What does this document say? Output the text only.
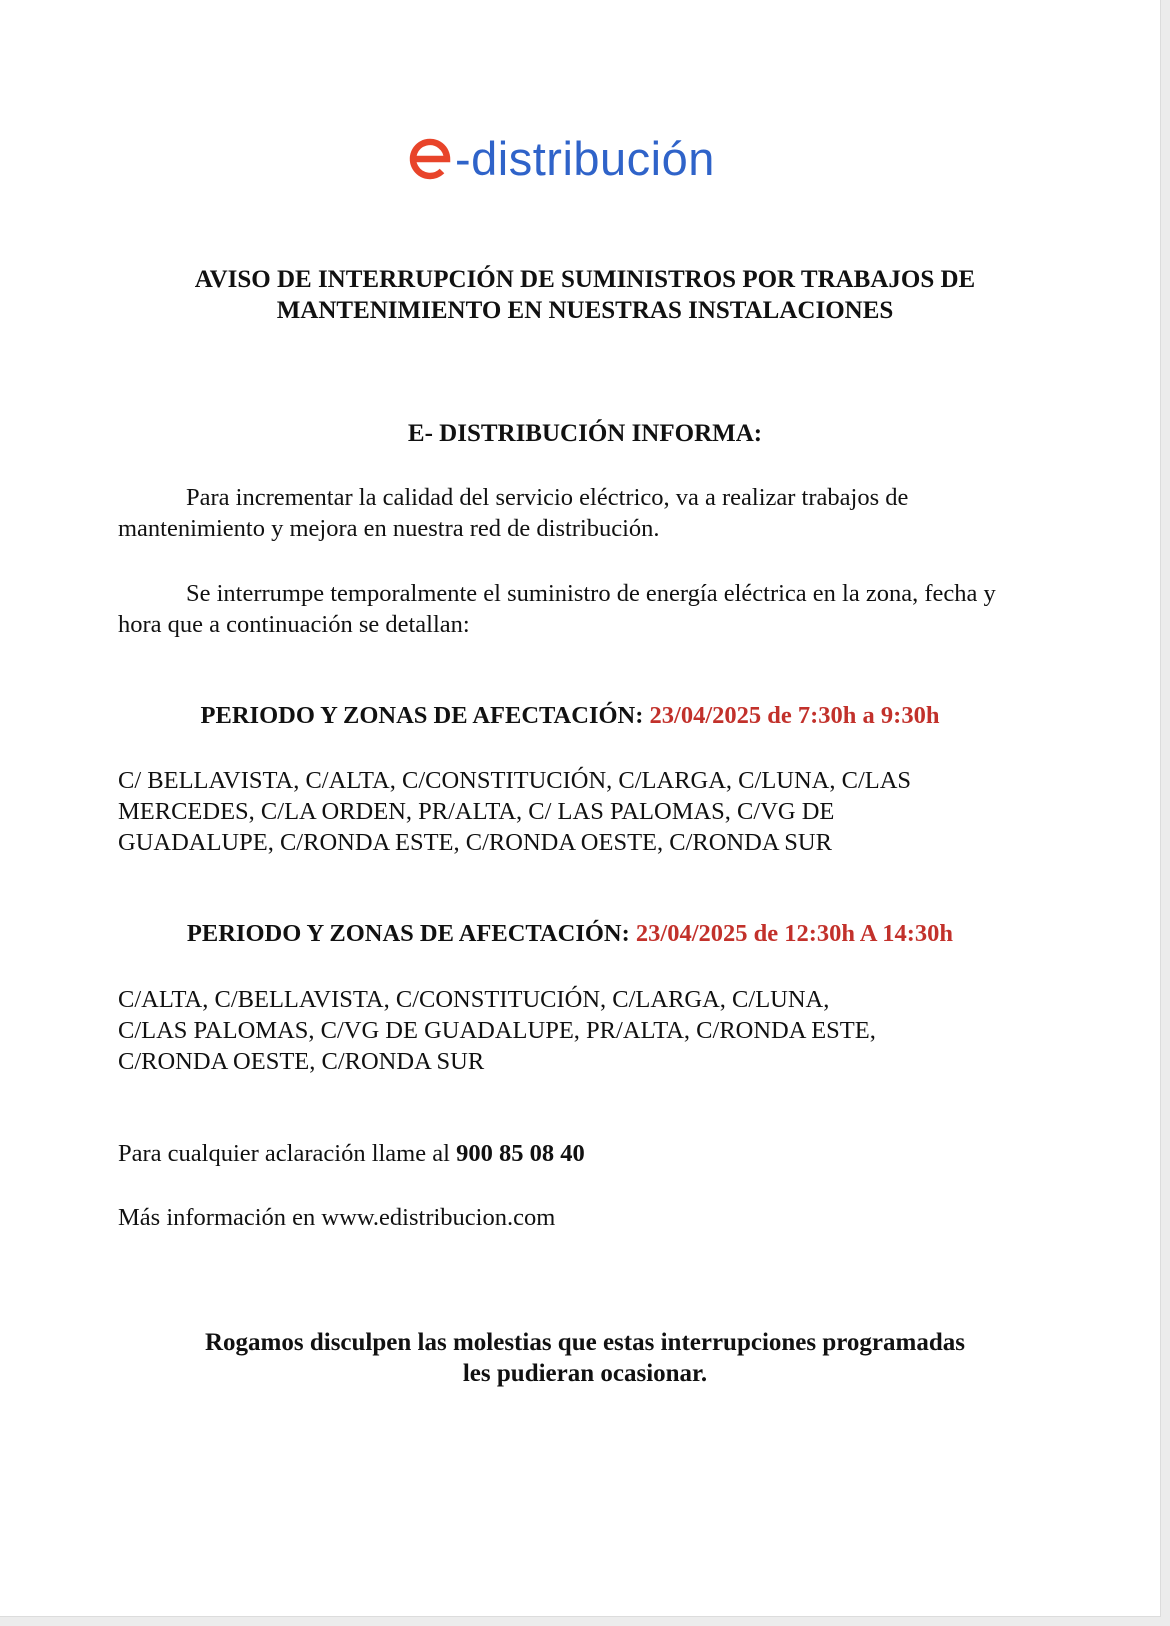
-distribución
AVISO DE INTERRUPCIÓN DE SUMINISTROS POR TRABAJOS DE
MANTENIMIENTO EN NUESTRAS INSTALACIONES
E- DISTRIBUCIÓN INFORMA:
Para incrementar la calidad del servicio eléctrico, va a realizar trabajos de mantenimiento y mejora en nuestra red de distribución.
Se interrumpe temporalmente el suministro de energía eléctrica en la zona, fecha y hora que a continuación se detallan:
PERIODO Y ZONAS DE AFECTACIÓN: 23/04/2025 de 7:30h a 9:30h
C/ BELLAVISTA, C/ALTA, C/CONSTITUCIÓN, C/LARGA, C/LUNA, C/LAS
MERCEDES, C/LA ORDEN, PR/ALTA, C/ LAS PALOMAS, C/VG DE
GUADALUPE, C/RONDA ESTE, C/RONDA OESTE, C/RONDA SUR
PERIODO Y ZONAS DE AFECTACIÓN: 23/04/2025 de 12:30h A 14:30h
C/ALTA, C/BELLAVISTA, C/CONSTITUCIÓN, C/LARGA, C/LUNA,
C/LAS PALOMAS, C/VG DE GUADALUPE, PR/ALTA, C/RONDA ESTE,
C/RONDA OESTE, C/RONDA SUR
Para cualquier aclaración llame al 900 85 08 40
Más información en www.edistribucion.com
Rogamos disculpen las molestias que estas interrupciones programadas
les pudieran ocasionar.
